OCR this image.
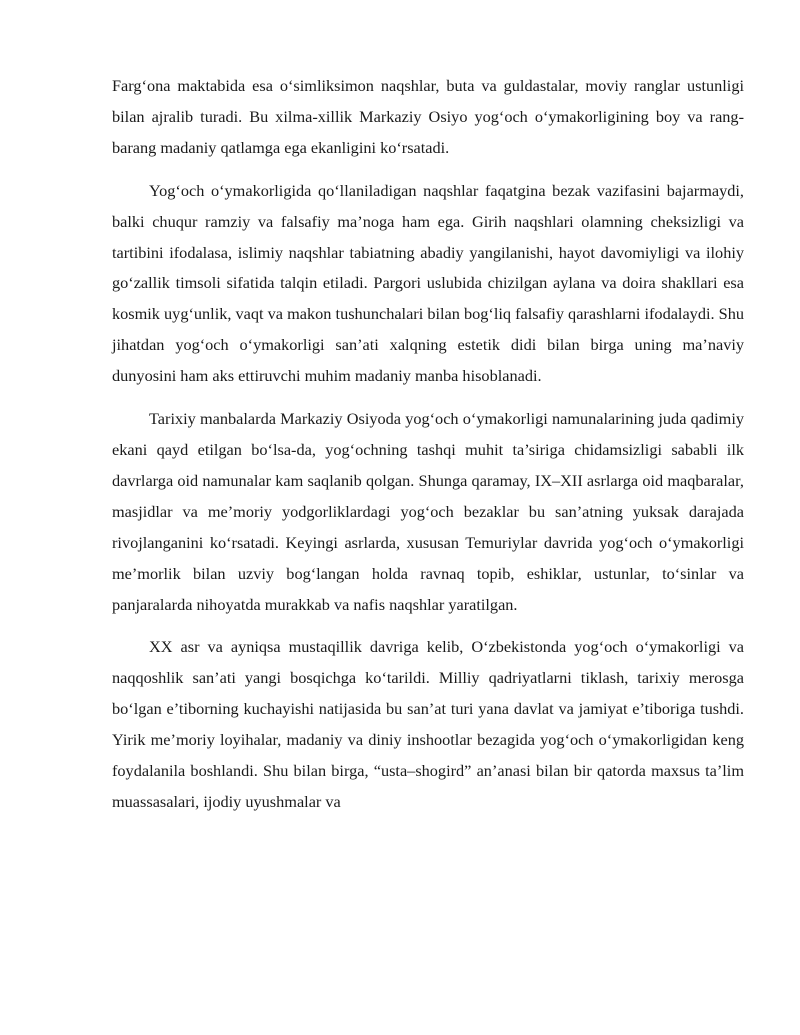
Farg‘ona maktabida esa o‘simliksimon naqshlar, buta va guldastalar, moviy ranglar ustunligi bilan ajralib turadi. Bu xilma-xillik Markaziy Osiyo yog‘och o‘ymakorligining boy va rang-barang madaniy qatlamga ega ekanligini ko‘rsatadi.

Yog‘och o‘ymakorligida qo‘llaniladigan naqshlar faqatgina bezak vazifasini bajarmaydi, balki chuqur ramziy va falsafiy ma’noga ham ega. Girih naqshlari olamning cheksizligi va tartibini ifodalasa, islimiy naqshlar tabiatning abadiy yangilanishi, hayot davomiyligi va ilohiy go‘zallik timsoli sifatida talqin etiladi. Pargori uslubida chizilgan aylana va doira shakllari esa kosmik uyg‘unlik, vaqt va makon tushunchalari bilan bog‘liq falsafiy qarashlarni ifodalaydi. Shu jihatdan yog‘och o‘ymakorligi san’ati xalqning estetik didi bilan birga uning ma’naviy dunyosini ham aks ettiruvchi muhim madaniy manba hisoblanadi.

Tarixiy manbalarda Markaziy Osiyoda yog‘och o‘ymakorligi namunalarining juda qadimiy ekani qayd etilgan bo‘lsa-da, yog‘ochning tashqi muhit ta’siriga chidamsizligi sababli ilk davrlarga oid namunalar kam saqlanib qolgan. Shunga qaramay, IX–XII asrlarga oid maqbaralar, masjidlar va me’moriy yodgorliklardagi yog‘och bezaklar bu san’atning yuksak darajada rivojlanganini ko‘rsatadi. Keyingi asrlarda, xususan Temuriylar davrida yog‘och o‘ymakorligi me’morlik bilan uzviy bog‘langan holda ravnaq topib, eshiklar, ustunlar, to‘sinlar va panjaralarda nihoyatda murakkab va nafis naqshlar yaratilgan.

XX asr va ayniqsa mustaqillik davriga kelib, O‘zbekistonda yog‘och o‘ymakorligi va naqqoshlik san’ati yangi bosqichga ko‘tarildi. Milliy qadriyatlarni tiklash, tarixiy merosga bo‘lgan e’tiborning kuchayishi natijasida bu san’at turi yana davlat va jamiyat e’tiboriga tushdi. Yirik me’moriy loyihalar, madaniy va diniy inshootlar bezagida yog‘och o‘ymakorligidan keng foydalanila boshlandi. Shu bilan birga, “usta–shogird” an’anasi bilan bir qatorda maxsus ta’lim muassasalari, ijodiy uyushmalar va
